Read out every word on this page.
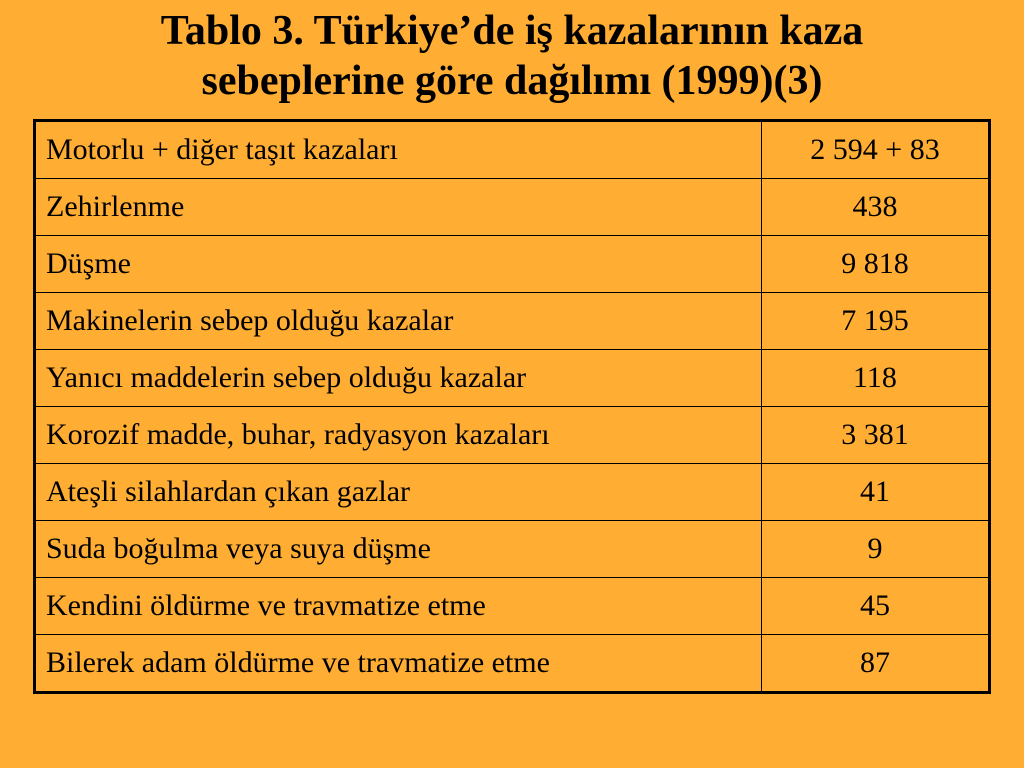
Tablo 3. Türkiye’de iş kazalarının kaza
sebeplerine göre dağılımı (1999)(3)
Motorlu + diğer taşıt kazaları	2 594 + 83
Zehirlenme	438
Düşme	9 818
Makinelerin sebep olduğu kazalar	7 195
Yanıcı maddelerin sebep olduğu kazalar	118
Korozif madde, buhar, radyasyon kazaları	3 381
Ateşli silahlardan çıkan gazlar	41
Suda boğulma veya suya düşme	9
Kendini öldürme ve travmatize etme	45
Bilerek adam öldürme ve travmatize etme	87
